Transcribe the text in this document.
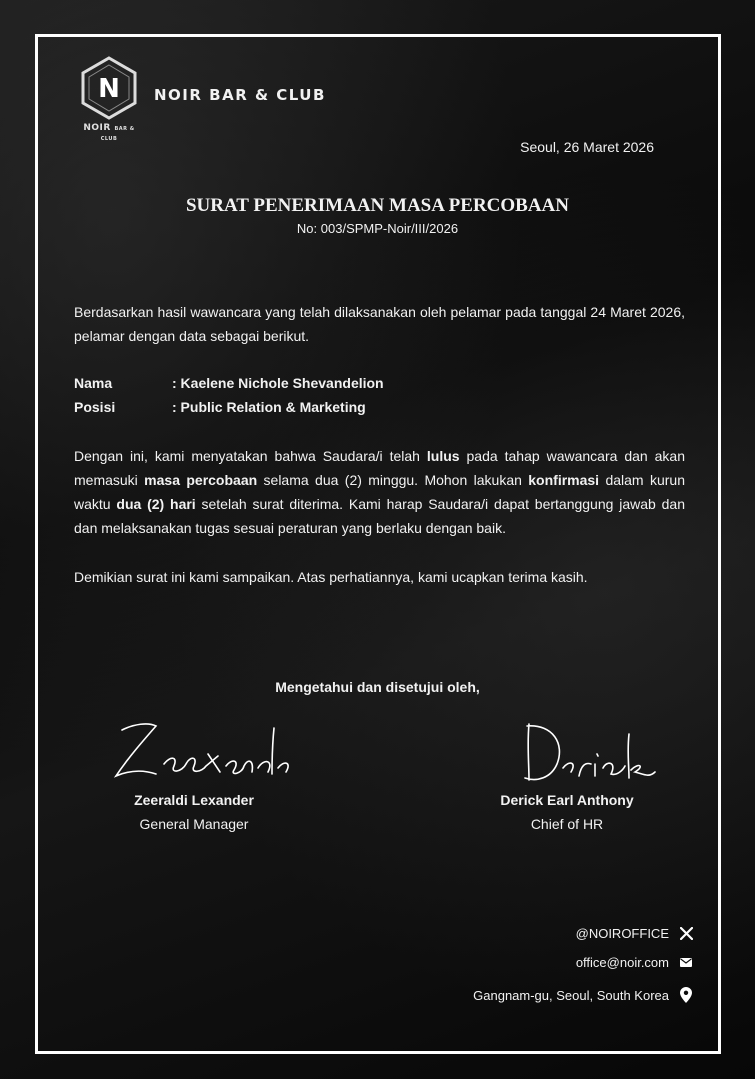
N
NOIR BAR & CLUB
NOIR BAR & CLUB
Seoul, 26 Maret 2026
SURAT PENERIMAAN MASA PERCOBAAN
No: 003/SPMP-Noir/III/2026
Berdasarkan hasil wawancara yang telah dilaksanakan oleh pelamar pada tanggal 24 Maret 2026, pelamar dengan data sebagai berikut.
Nama	: Kaelene Nichole Shevandelion
Posisi	: Public Relation & Marketing
Dengan ini, kami menyatakan bahwa Saudara/i telah lulus pada tahap wawancara dan akan memasuki masa percobaan selama dua (2) minggu. Mohon lakukan konfirmasi dalam kurun waktu dua (2) hari setelah surat diterima. Kami harap Saudara/i dapat bertanggung jawab dan dan melaksanakan tugas sesuai peraturan yang berlaku dengan baik.
Demikian surat ini kami sampaikan. Atas perhatiannya, kami ucapkan terima kasih.
Mengetahui dan disetujui oleh,
Zeeraldi Lexander
General Manager
Derick Earl Anthony
Chief of HR
@NOIROFFICE
office@noir.com
Gangnam-gu, Seoul, South Korea
